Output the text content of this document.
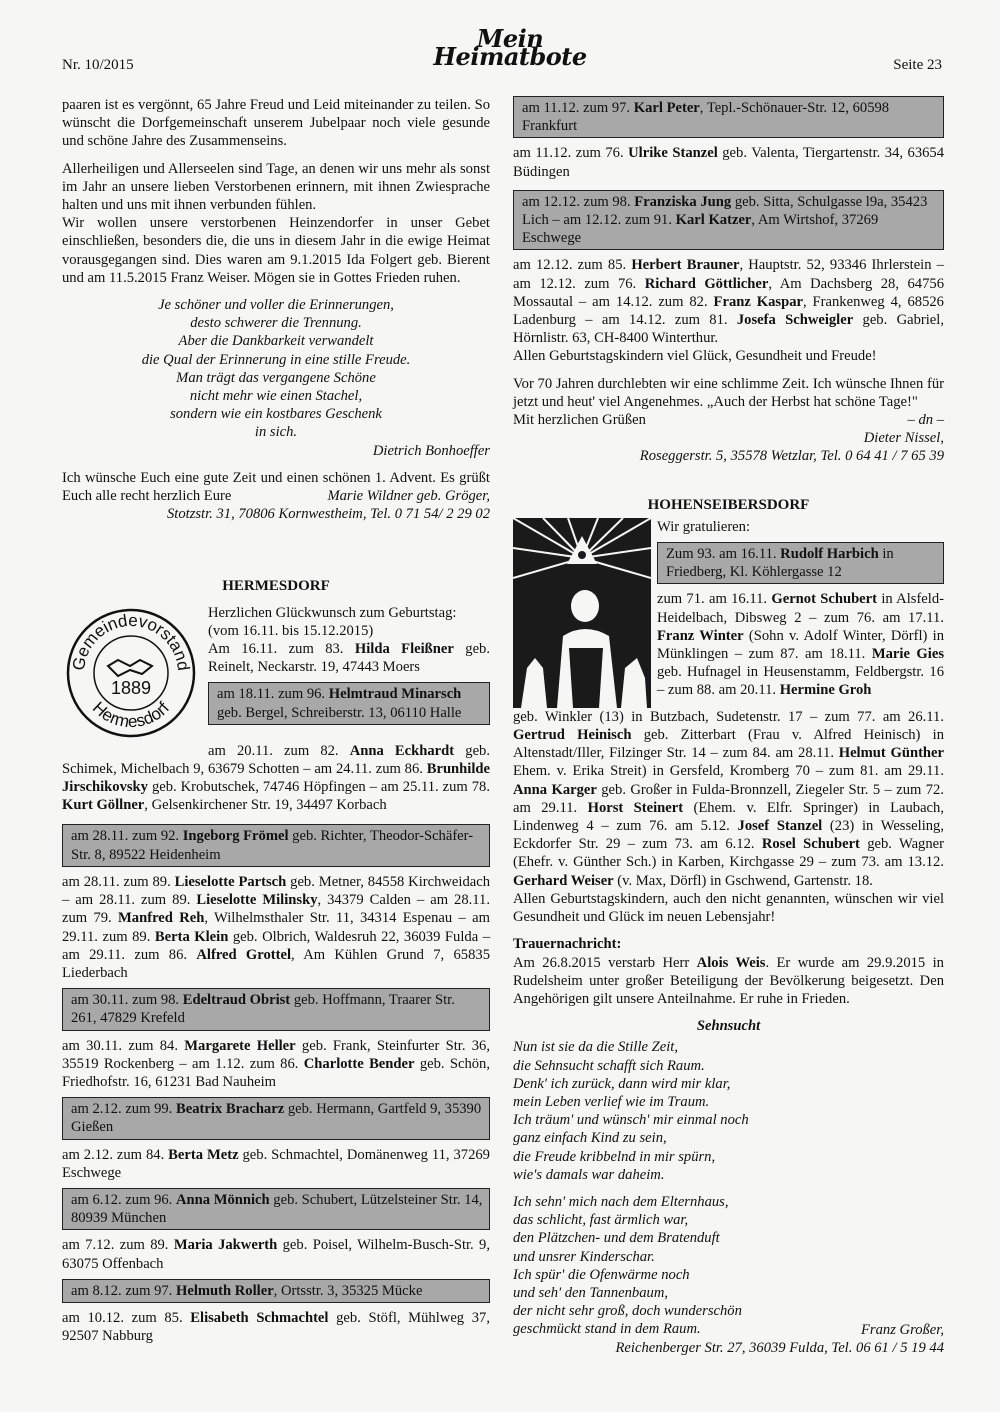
Nr. 10/2015
Mein Heimatbote	Seite 23

paaren ist es vergönnt, 65 Jahre Freud und Leid miteinander zu teilen. So wünscht die Dorfgemeinschaft unserem Jubelpaar noch viele gesunde und schöne Jahre des Zusammenseins.

Allerheiligen und Allerseelen sind Tage, an denen wir uns mehr als sonst im Jahr an unsere lieben Verstorbenen erinnern, mit ihnen Zwiesprache halten und uns mit ihnen verbunden fühlen.

Wir wollen unsere verstorbenen Heinzendorfer in unser Gebet einschließen, besonders die, die uns in diesem Jahr in die ewige Heimat vorausgegangen sind. Dies waren am 9.1.2015 Ida Folgert geb. Bierent und am 11.5.2015 Franz Weiser. Mögen sie in Gottes Frieden ruhen.

Je schöner und voller die Erinnerungen,
desto schwerer die Trennung.
Aber die Dankbarkeit verwandelt
die Qual der Erinnerung in eine stille Freude.
Man trägt das vergangene Schöne
nicht mehr wie einen Stachel,
sondern wie ein kostbares Geschenk
in sich.
Dietrich Bonhoeffer

Ich wünsche Euch eine gute Zeit und einen schönen 1. Advent. Es grüßt Euch alle recht herzlich Eure	Marie Wildner geb. Gröger,

Stotzstr. 31, 70806 Kornwestheim, Tel. 0 71 54/ 2 29 02
HERMESDORF
Gemeindevorstand
Hermesdorf
1889
Herzlichen Glückwunsch zum Geburtstag:
(vom 16.11. bis 15.12.2015)

Am 16.11. zum 83. Hilda Fleißner geb. Reinelt, Neckarstr. 19, 47443 Moers

am 18.11. zum 96. Helmtraud Minarsch geb. Bergel, Schreiberstr. 13, 06110 Halle

am 20.11. zum 82. Anna Eckhardt geb. Schimek, Michelbach 9, 63679 Schotten – am 24.11. zum 86. Brunhilde Jirschikovsky geb. Krobutschek, 74746 Höpfingen – am 25.11. zum 78. Kurt Göllner, Gelsenkirchener Str. 19, 34497 Korbach

am 28.11. zum 92. Ingeborg Frömel geb. Richter, Theodor-Schäfer-Str. 8, 89522 Heidenheim

am 28.11. zum 89. Lieselotte Partsch geb. Metner, 84558 Kirchweidach – am 28.11. zum 89. Lieselotte Milinsky, 34379 Calden – am 28.11. zum 79. Manfred Reh, Wilhelmsthaler Str. 11, 34314 Espenau – am 29.11. zum 89. Berta Klein geb. Olbrich, Waldesruh 22, 36039 Fulda – am 29.11. zum 86. Alfred Grottel, Am Kühlen Grund 7, 65835 Liederbach

am 30.11. zum 98. Edeltraud Obrist geb. Hoffmann, Traarer Str. 261, 47829 Krefeld

am 30.11. zum 84. Margarete Heller geb. Frank, Steinfurter Str. 36, 35519 Rockenberg – am 1.12. zum 86. Charlotte Bender geb. Schön, Friedhofstr. 16, 61231 Bad Nauheim

am 2.12. zum 99. Beatrix Bracharz geb. Hermann, Gartfeld 9, 35390 Gießen

am 2.12. zum 84. Berta Metz geb. Schmachtel, Domänenweg 11, 37269 Eschwege

am 6.12. zum 96. Anna Mönnich geb. Schubert, Lützelsteiner Str. 14, 80939 München

am 7.12. zum 89. Maria Jakwerth geb. Poisel, Wilhelm-Busch-Str. 9, 63075 Offenbach

am 8.12. zum 97. Helmuth Roller, Ortsstr. 3, 35325 Mücke

am 10.12. zum 85. Elisabeth Schmachtel geb. Stöfl, Mühlweg 37, 92507 Nabburg

am 11.12. zum 97. Karl Peter, Tepl.-Schönauer-Str. 12, 60598 Frankfurt

am 11.12. zum 76. Ulrike Stanzel geb. Valenta, Tiergartenstr. 34, 63654 Büdingen

am 12.12. zum 98. Franziska Jung geb. Sitta, Schulgasse l9a, 35423 Lich – am 12.12. zum 91. Karl Katzer, Am Wirtshof, 37269 Eschwege

am 12.12. zum 85. Herbert Brauner, Hauptstr. 52, 93346 Ihrlerstein – am 12.12. zum 76. Richard Göttlicher, Am Dachsberg 28, 64756 Mossautal – am 14.12. zum 82. Franz Kaspar, Frankenweg 4, 68526 Ladenburg – am 14.12. zum 81. Josefa Schweigler geb. Gabriel, Hörnlistr. 63, CH-8400 Winterthur.

Allen Geburtstagskindern viel Glück, Gesundheit und Freude!

Vor 70 Jahren durchlebten wir eine schlimme Zeit. Ich wünsche Ihnen für jetzt und heut' viel Angenehmes. „Auch der Herbst hat schöne Tage!"

Mit herzlichen Grüßen	– dn –

Dieter Nissel,
Roseggerstr. 5, 35578 Wetzlar, Tel. 0 64 41 / 7 65 39
HOHENSEIBERSDORF
Wir gratulieren:
Zum 93. am 16.11. Rudolf Harbich in Friedberg, Kl. Köhlergasse 12

zum 71. am 16.11. Gernot Schubert in Alsfeld-Heidelbach, Dibsweg 2 – zum 76. am 17.11. Franz Winter (Sohn v. Adolf Winter, Dörfl) in Münklingen – zum 87. am 18.11. Marie Gies geb. Hufnagel in Heusenstamm, Feldbergstr. 16 – zum 88. am 20.11. Hermine Groh

geb. Winkler (13) in Butzbach, Sudetenstr. 17 – zum 77. am 26.11. Gertrud Heinisch geb. Zitterbart (Frau v. Alfred Heinisch) in Altenstadt/Iller, Filzinger Str. 14 – zum 84. am 28.11. Helmut Günther Ehem. v. Erika Streit) in Gersfeld, Kromberg 70 – zum 81. am 29.11. Anna Karger geb. Großer in Fulda-Bronnzell, Ziegeler Str. 5 – zum 72. am 29.11. Horst Steinert (Ehem. v. Elfr. Springer) in Laubach, Lindenweg 4 – zum 76. am 5.12. Josef Stanzel (23) in Wesseling, Eckdorfer Str. 29 – zum 73. am 6.12. Rosel Schubert geb. Wagner (Ehefr. v. Günther Sch.) in Karben, Kirchgasse 29 – zum 73. am 13.12. Gerhard Weiser (v. Max, Dörfl) in Gschwend, Gartenstr. 18.

Allen Geburtstagskindern, auch den nicht genannten, wünschen wir viel Gesundheit und Glück im neuen Lebensjahr!

Trauernachricht:

Am 26.8.2015 verstarb Herr Alois Weis. Er wurde am 29.9.2015 in Rudelsheim unter großer Beteiligung der Bevölkerung beigesetzt. Den Angehörigen gilt unsere Anteilnahme. Er ruhe in Frieden.

Sehnsucht
Nun ist sie da die Stille Zeit,
die Sehnsucht schafft sich Raum.
Denk' ich zurück, dann wird mir klar,
mein Leben verlief wie im Traum.
Ich träum' und wünsch' mir einmal noch
ganz einfach Kind zu sein,
die Freude kribbelnd in mir spürn,
wie's damals war daheim.
Ich sehn' mich nach dem Elternhaus,
das schlicht, fast ärmlich war,
den Plätzchen- und dem Bratenduft
und unsrer Kinderschar.
Ich spür' die Ofenwärme noch
und seh' den Tannenbaum,
der nicht sehr groß, doch wunderschön
geschmückt stand in dem Raum.	Franz Großer,
Reichenberger Str. 27, 36039 Fulda, Tel. 06 61 / 5 19 44
